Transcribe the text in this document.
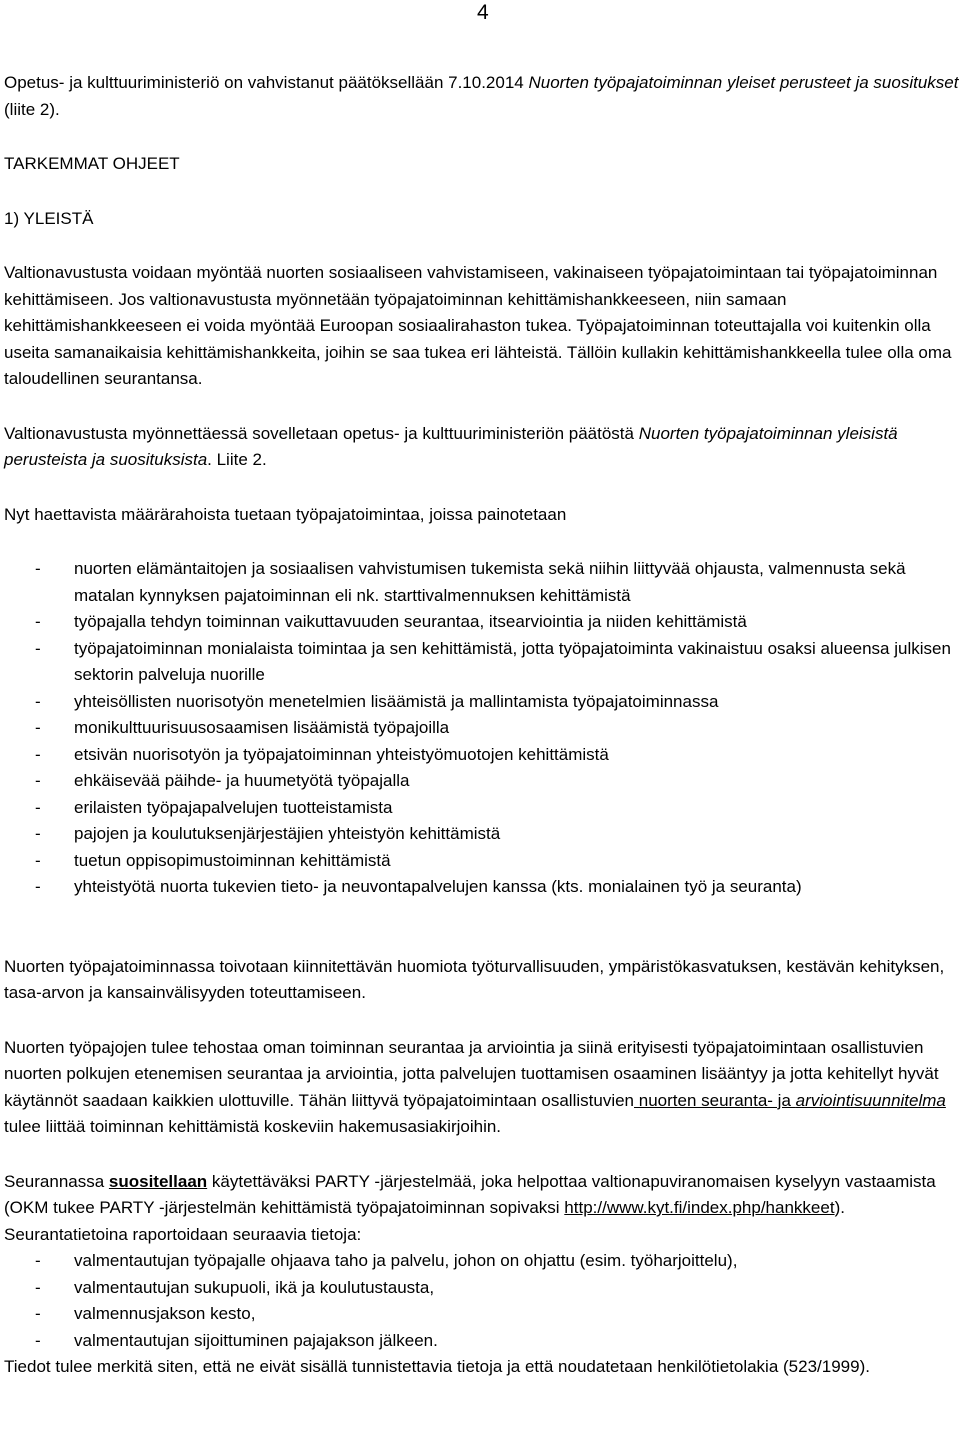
4

Opetus- ja kulttuuriministeriö on vahvistanut päätöksellään 7.10.2014 Nuorten työpajatoiminnan yleiset perusteet ja suositukset (liite 2).

TARKEMMAT OHJEET

1) YLEISTÄ

Valtionavustusta voidaan myöntää nuorten sosiaaliseen vahvistamiseen, vakinaiseen työpajatoimintaan tai työpajatoiminnan kehittämiseen. Jos valtionavustusta myönnetään työpajatoiminnan kehittämishankkeeseen, niin samaan kehittämishankkeeseen ei voida myöntää Euroopan sosiaalirahaston tukea. Työpajatoiminnan toteuttajalla voi kuitenkin olla useita samanaikaisia kehittämishankkeita, joihin se saa tukea eri lähteistä. Tällöin kullakin kehittämishankkeella tulee olla oma taloudellinen seurantansa.

Valtionavustusta myönnettäessä sovelletaan opetus- ja kulttuuriministeriön päätöstä Nuorten työpajatoiminnan yleisistä perusteista ja suosituksista. Liite 2.

Nyt haettavista määrärahoista tuetaan työpajatoimintaa, joissa painotetaan

- nuorten elämäntaitojen ja sosiaalisen vahvistumisen tukemista sekä niihin liittyvää ohjausta, valmennusta sekä matalan kynnyksen pajatoiminnan eli nk. starttivalmennuksen kehittämistä
- työpajalla tehdyn toiminnan vaikuttavuuden seurantaa, itsearviointia ja niiden kehittämistä
- työpajatoiminnan monialaista toimintaa ja sen kehittämistä, jotta työpajatoiminta vakinaistuu osaksi alueensa julkisen sektorin palveluja nuorille
- yhteisöllisten nuorisotyön menetelmien lisäämistä ja mallintamista työpajatoiminnassa
- monikulttuurisuusosaamisen lisäämistä työpajoilla
- etsivän nuorisotyön ja työpajatoiminnan yhteistyömuotojen kehittämistä
- ehkäisevää päihde- ja huumetyötä työpajalla
- erilaisten työpajapalvelujen tuotteistamista
- pajojen ja koulutuksenjärjestäjien yhteistyön kehittämistä
- tuetun oppisopimustoiminnan kehittämistä
- yhteistyötä nuorta tukevien tieto- ja neuvontapalvelujen kanssa (kts. monialainen työ ja seuranta)

Nuorten työpajatoiminnassa toivotaan kiinnitettävän huomiota työturvallisuuden, ympäristökasvatuksen, kestävän kehityksen, tasa-arvon ja kansainvälisyyden toteuttamiseen.

Nuorten työpajojen tulee tehostaa oman toiminnan seurantaa ja arviointia ja siinä erityisesti työpajatoimintaan osallistuvien nuorten polkujen etenemisen seurantaa ja arviointia, jotta palvelujen tuottamisen osaaminen lisääntyy ja jotta kehitellyt hyvät käytännöt saadaan kaikkien ulottuville. Tähän liittyvä työpajatoimintaan osallistuvien nuorten seuranta- ja arviointisuunnitelma tulee liittää toiminnan kehittämistä koskeviin hakemusasiakirjoihin.

Seurannassa suositellaan käytettäväksi PARTY -järjestelmää, joka helpottaa valtionapuviranomaisen kyselyyn vastaamista (OKM tukee PARTY -järjestelmän kehittämistä työpajatoiminnan sopivaksi http://www.kyt.fi/index.php/hankkeet). Seurantatietoina raportoidaan seuraavia tietoja:

- valmentautujan työpajalle ohjaava taho ja palvelu, johon on ohjattu (esim. työharjoittelu),
- valmentautujan sukupuoli, ikä ja koulutustausta,
- valmennusjakson kesto,
- valmentautujan sijoittuminen pajajakson jälkeen.

Tiedot tulee merkitä siten, että ne eivät sisällä tunnistettavia tietoja ja että noudatetaan henkilötietolakia (523/1999).
